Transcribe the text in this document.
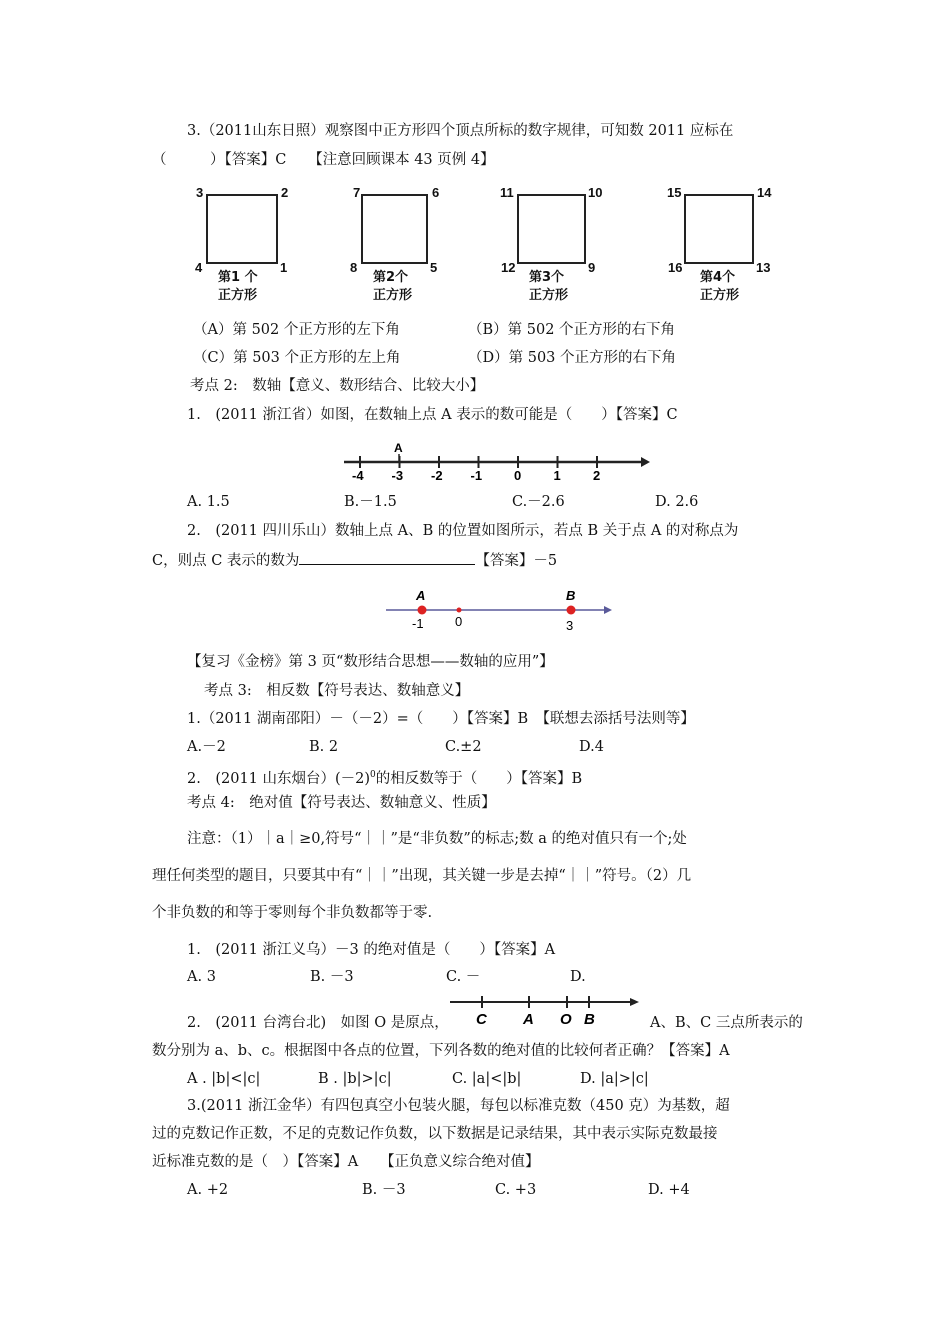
3.（2011山东日照）观察图中正方形四个顶点所标的数字规律，可知数 2011 应标在
（　　　）【答案】C　　【注意回顾课本 43 页例 4】
3	2
4	1
第1 个
正方形
7	6
8	5
第2个
正方形
11	10
12	9
第3个
正方形
15	14
16	13
第4个
正方形
（A）第 502 个正方形的左下角	（B）第 502 个正方形的右下角
（C）第 503 个正方形的左上角	（D）第 503 个正方形的右下角
考点 2:　数轴【意义、数形结合、比较大小】
1.　(2011 浙江省）如图，在数轴上点 A 表示的数可能是（　　）【答案】C
-4 -3 -2 -1 0 1 2
A
A. 1.5	B.－1.5	C.－2.6	D. 2.6
2.　(2011 四川乐山）数轴上点 A、B 的位置如图所示，若点 B 关于点 A 的对称点为
C，则点 C 表示的数为	【答案】－5
A	B
-1 0	3
【复习《金榜》第 3 页“数形结合思想——数轴的应用”】
考点 3:　相反数【符号表达、数轴意义】
1.（2011 湖南邵阳）－（－2）=（　　）【答案】B　【联想去添括号法则等】
A.－2	B. 2	C.±2	D.4
2.　(2011 山东烟台）$(-2)^0$的相反数等于（　　）【答案】B
考点 4:　绝对值【符号表达、数轴意义、性质】
注意：（1）｜a｜≥0,符号“｜｜”是“非负数”的标志;数 a 的绝对值只有一个;处
理任何类型的题目，只要其中有“｜｜”出现，其关键一步是去掉“｜｜”符号。（2）几
个非负数的和等于零则每个非负数都等于零.
1.　(2011 浙江义乌）－3 的绝对值是（　　）【答案】A
A. 3	B. －3	C. －	D.
2.　(2011 台湾台北)　如图 O 是原点， C A O B	A、B、C 三点所表示的
数分别为 a、b、c。根据图中各点的位置，下列各数的绝对值的比较何者正确？【答案】A
A . |b|<|c|	B . |b|>|c|	C. |a|<|b|	D. |a|>|c|
3.(2011 浙江金华）有四包真空小包装火腿，每包以标准克数（450 克）为基数，超
过的克数记作正数，不足的克数记作负数，以下数据是记录结果，其中表示实际克数最接
近标准克数的是（　）【答案】A　　【正负意义综合绝对值】
A. +2	B. －3	C. +3	D. +4
